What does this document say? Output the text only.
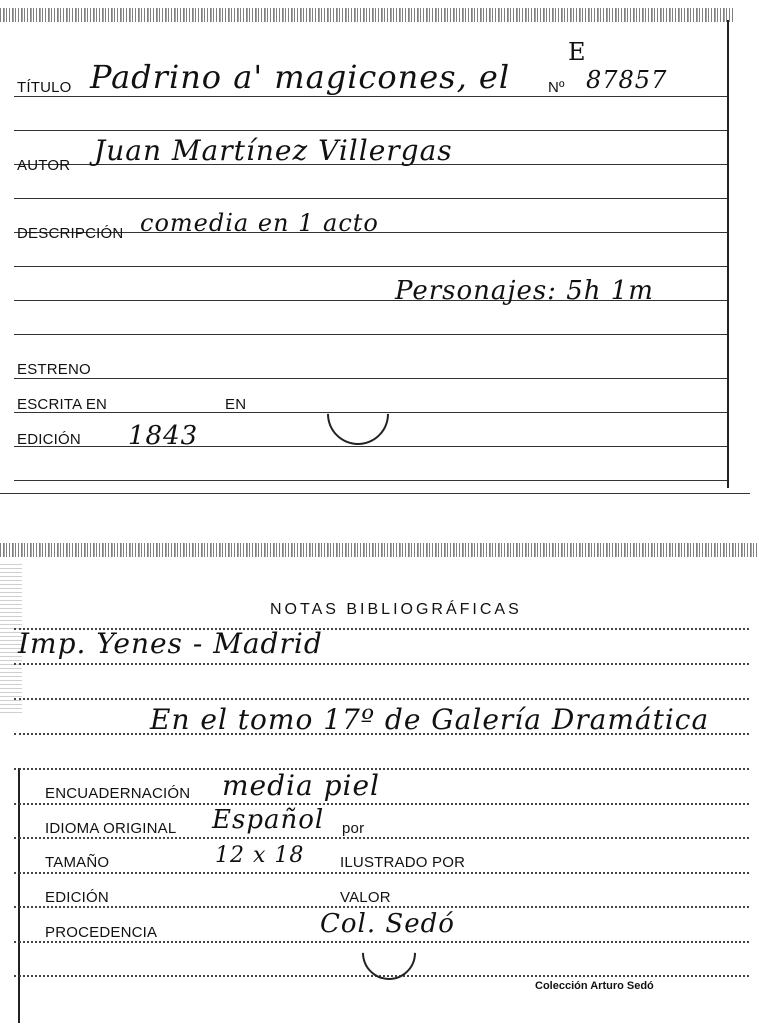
TÍTULO Padrino a' magicones, el	Nº 87857
E
AUTOR Juan Martínez Villergas
DESCRIPCIÓN comedia en 1 acto
Personajes: 5h 1m
ESTRENO
ESCRITA EN	EN
EDICIÓN 1843
NOTAS BIBLIOGRÁFICAS
Imp. Yenes - Madrid
En el tomo 17º de Galería Dramática
ENCUADERNACIÓN media piel
IDIOMA ORIGINAL Español por
TAMAÑO	12 x 18 ILUSTRADO POR
EDICIÓN	VALOR
PROCEDENCIA	Col. Sedó
Colección Arturo Sedó
